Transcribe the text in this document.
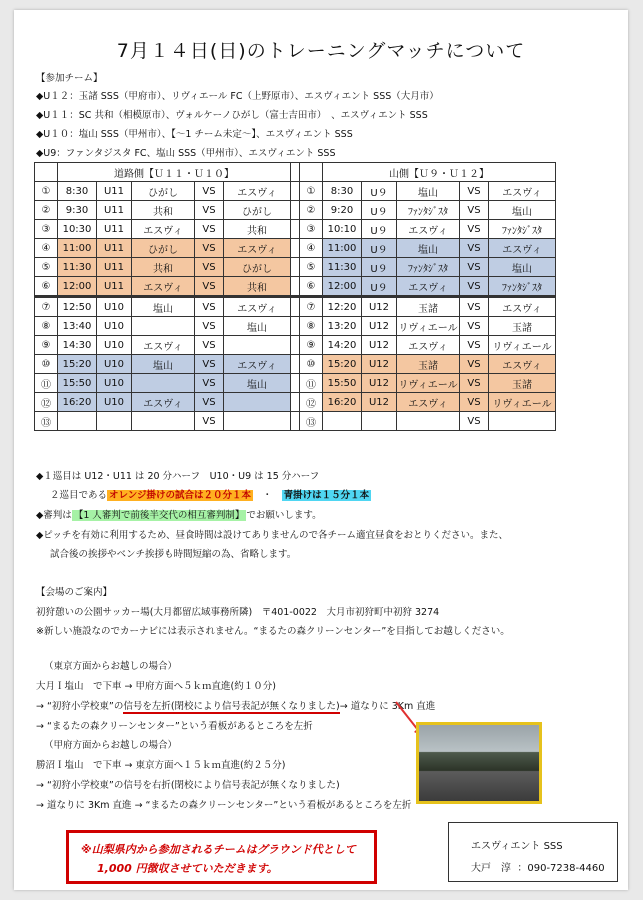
7月１４日(日)のトレーニングマッチについて
【参加チーム】
◆U１２：玉諸 SSS（甲府市）、リヴィエール FC（上野原市）、エスヴィエント SSS（大月市）
◆U１１：SC 共和（相模原市）、ヴォルケーノひがし（富士吉田市）　、エスヴィエント SSS
◆U１０：塩山 SSS（甲州市）、【〜1 チーム未定〜】、エスヴィエント SSS
◆U9：ファンタジスタ FC、塩山 SSS（甲州市）、エスヴィエント SSS
	道路側【Ｕ１１・Ｕ１０】							山側【Ｕ９・Ｕ１２】				
①	8:30	U11	ひがし	VS	エスヴィ		①	8:30	U９	塩山	VS	エスヴィ
②	9:30	U11	共和	VS	ひがし		②	9:20	U９	ﾌｧﾝﾀｼﾞｽﾀ	VS	塩山
③	10:30	U11	エスヴィ	VS	共和		③	10:10	U９	エスヴィ	VS	ﾌｧﾝﾀｼﾞｽﾀ
④	11:00	U11	ひがし	VS	エスヴィ		④	11:00	U９	塩山	VS	エスヴィ
⑤	11:30	U11	共和	VS	ひがし		⑤	11:30	U９	ﾌｧﾝﾀｼﾞｽﾀ	VS	塩山
⑥	12:00	U11	エスヴィ	VS	共和		⑥	12:00	U９	エスヴィ	VS	ﾌｧﾝﾀｼﾞｽﾀ
⑦	12:50	U10	塩山	VS	エスヴィ		⑦	12:20	U12	玉諸	VS	エスヴィ
⑧	13:40	U10		VS	塩山		⑧	13:20	U12	リヴィエール	VS	玉諸
⑨	14:30	U10	エスヴィ	VS			⑨	14:20	U12	エスヴィ	VS	リヴィエール
⑩	15:20	U10	塩山	VS	エスヴィ		⑩	15:20	U12	玉諸	VS	エスヴィ
⑪	15:50	U10		VS	塩山		⑪	15:50	U12	リヴィエール	VS	玉諸
⑫	16:20	U10	エスヴィ	VS			⑫	16:20	U12	エスヴィ	VS	リヴィエール
⑬				VS			⑬				VS	
◆１巡目は U12・U11 は 20 分ハーフ　U10・U9 は 15 分ハーフ
２巡目である オレンジ掛けの試合は２０分１本　・　青掛けは１５分１本
◆審判は 【1 人審判で前後半交代の相互審判制】 でお願いします。
◆ピッチを有効に利用するため、昼食時間は設けてありませんので各チーム適宜昼食をおとりください。また、
試合後の挨拶やベンチ挨拶も時間短縮の為、省略します。
【会場のご案内】
初狩憩いの公園サッカー場(大月都留広域事務所隣)　〒401-0022　大月市初狩町中初狩 3274
※新しい施設なのでカーナビには表示されません。“まるたの森クリーンセンター”を目指してお越しください。
（東京方面からお越しの場合）
大月Ｉ塩山　で下車 → 甲府方面へ５ｋｍ直進(約１０分)
→ “初狩小学校東”の信号を左折(閉校により信号表記が無くなりました)→ 道なりに 3Km 直進
→ “まるたの森クリーンセンター”という看板があるところを左折
（甲府方面からお越しの場合）
勝沼Ｉ塩山　で下車 → 東京方面へ１５ｋｍ直進(約２５分)
→ “初狩小学校東”の信号を右折(閉校により信号表記が無くなりました)
→ 道なりに 3Km 直進 → “まるたの森クリーンセンター”という看板があるところを左折
※山梨県内から参加されるチームはグラウンド代として
1,000 円徴収させていただきます。
エスヴィエント SSS
大戸　淳 ：090-7238-4460
